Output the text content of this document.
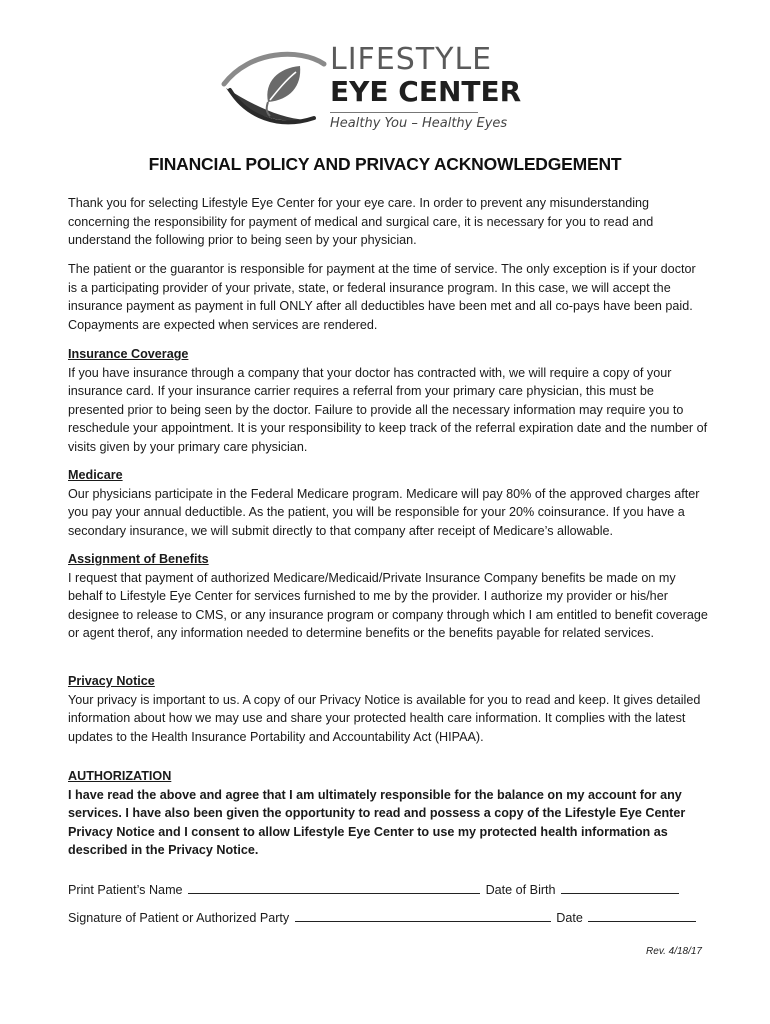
LIFESTYLE
EYE CENTER
Healthy You – Healthy Eyes
FINANCIAL POLICY AND PRIVACY ACKNOWLEDGEMENT
Thank you for selecting Lifestyle Eye Center for your eye care. In order to prevent any misunderstanding concerning the responsibility for payment of medical and surgical care, it is necessary for you to read and understand the following prior to being seen by your physician.
The patient or the guarantor is responsible for payment at the time of service. The only exception is if your doctor is a participating provider of your private, state, or federal insurance program. In this case, we will accept the insurance payment as payment in full ONLY after all deductibles have been met and all co-pays have been paid. Copayments are expected when services are rendered.
Insurance Coverage
If you have insurance through a company that your doctor has contracted with, we will require a copy of your insurance card. If your insurance carrier requires a referral from your primary care physician, this must be presented prior to being seen by the doctor. Failure to provide all the necessary information may require you to reschedule your appointment. It is your responsibility to keep track of the referral expiration date and the number of visits given by your primary care physician.
Medicare
Our physicians participate in the Federal Medicare program. Medicare will pay 80% of the approved charges after you pay your annual deductible. As the patient, you will be responsible for your 20% coinsurance. If you have a secondary insurance, we will submit directly to that company after receipt of Medicare’s allowable.
Assignment of Benefits
I request that payment of authorized Medicare/Medicaid/Private Insurance Company benefits be made on my behalf to Lifestyle Eye Center for services furnished to me by the provider. I authorize my provider or his/her designee to release to CMS, or any insurance program or company through which I am entitled to benefit coverage or agent therof, any information needed to determine benefits or the benefits payable for related services.
Privacy Notice
Your privacy is important to us. A copy of our Privacy Notice is available for you to read and keep. It gives detailed information about how we may use and share your protected health care information. It complies with the latest updates to the Health Insurance Portability and Accountability Act (HIPAA).
AUTHORIZATION
I have read the above and agree that I am ultimately responsible for the balance on my account for any services. I have also been given the opportunity to read and possess a copy of the Lifestyle Eye Center Privacy Notice and I consent to allow Lifestyle Eye Center to use my protected health information as described in the Privacy Notice.
Print Patient’s Name	Date of Birth
Signature of Patient or Authorized Party	Date
Rev. 4/18/17
